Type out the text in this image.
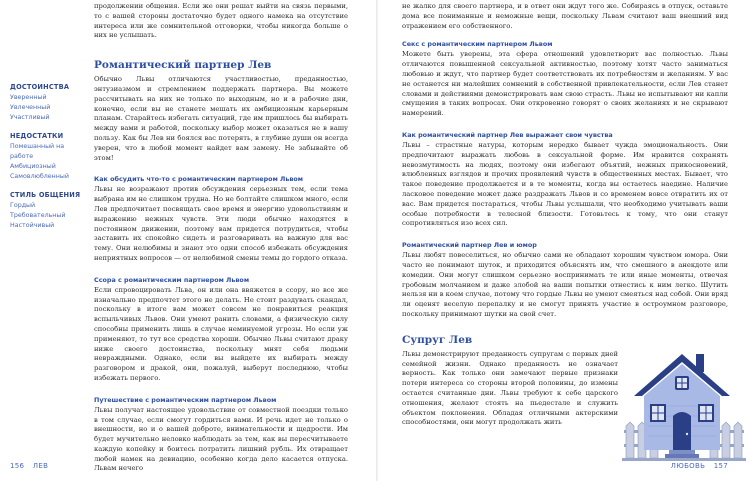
ДОСТОИНСТВА
Уверенный
Увлеченный
Участливый
НЕДОСТАТКИ
Помешанный на
работе
Амбициозный
Самовлюбленный
СТИЛЬ ОБЩЕНИЯ
Гордый
Требовательный
Настойчивый

продолжении общения. Если же они решат выйти на связь первыми, то с вашей стороны достаточно будет одного намека на отсутствие интереса или же сомнительной отговорки, чтобы никогда больше о них не услышать.

Романтический партнер Лев

Обычно Львы отличаются участливостью, преданностью, энтузиазмом и стремлением поддержать партнера. Вы можете рассчитывать на них не только по выходным, но и в рабочие дни, конечно, если вы не станете мешать их амбициозным карьерным планам. Старайтесь избегать ситуаций, где им пришлось бы выбирать между вами и работой, поскольку выбор может оказаться не в вашу пользу. Как бы Лев ни боялся вас потерять, в глубине души он всегда уверен, что в любой момент найдет вам замену. Не забывайте об этом!

Как обсудить что-то с романтическим партнером Львом

Львы не возражают против обсуждения серьезных тем, если тема выбрана им не слишком трудна. Но не болтайте слишком много, если Лев предпочитает посвящать свое время и энергию удовольствиям и выражению нежных чувств. Эти люди обычно находятся в постоянном движении, поэтому вам придется потрудиться, чтобы заставить их спокойно сидеть и разговаривать на важную для вас тему. Они нелюбимы и знают это одни способ избежать обсуждения неприятных вопросов — от нелюбимой смены темы до гордого отказа.

Ссора с романтическим партнером Львом

Если спровоцировать Льва, он или она ввяжется в ссору, но все же изначально предпочтет этого не делать. Не стоит раздувать скандал, поскольку в итоге вам может совсем не понравиться реакция вспыльчивых Львов. Они умеют ранить словами, а физическую силу способны применить лишь в случае неминуемой угрозы. Но если уж применяют, то тут все средства хороши. Обычно Львы считают драку ниже своего достоинства, поскольку мнят себя людьми невраждными. Однако, если вы выйдете их выбирать между разговором и дракой, они, пожалуй, выберут последнюю, чтобы избежать первого.

Путешествие с романтическим партнером Львом

Львы получат настоящее удовольствие от совместной поездки только в том случае, если смогут гордиться вами. И речь идет не только о внешности, но и о вашей доброте, внимательности и щедрости. Им будет мучительно неловко наблюдать за тем, как вы пересчитываете каждую копейку и боитесь потратить лишний рубль. Их отвращает любой намек на девиацию, особенно когда дело касается отпуска. Львам нечего

не жалко для своего партнера, и в ответ они ждут того же. Собираясь в отпуск, оставьте дома все пониманные и неможные вещи, поскольку Львам считают ваш внешний вид отражением его собственного.

Секс с романтическим партнером Львом

Можете быть уверены, эта сфера отношений удовлетворит вас полностью. Львы отличаются повышенной сексуальной активностью, поэтому хотят часто заниматься любовью и ждут, что партнер будет соответствовать их потребностям и желаниям. У вас не останется ни малейших сомнений в собственной привлекательности, если Лев станет словами и действиями демонстрировать вам свою страсть. Львы не испытывают ни капли смущения в таких вопросах. Они откровенно говорят о своих желаниях и не скрывают намерений.

Как романтический партнер Лев выражает свои чувства

Львы – страстные натуры, которым нередко бывает чужда эмоциональность. Они предпочитают выражать любовь в сексуальной форме. Им нравится сохранять невозмутимость на людях, поэтому они избегают объятий, нежных прикосновений, влюбленных взглядов и прочих проявлений чувств в общественных местах. Бывает, что такое поведение продолжается и в те моменты, когда вы остаетесь наедине. Наличие ласковое поведение может даже раздражать Львов и со временем вовсе отвратить их от вас. Вам придется постараться, чтобы Львы услышали, что необходимо учитывать ваши особые потребности в телесной близости. Готовьтесь к тому, что они станут сопротивляться изо всех сил.

Романтический партнер Лев и юмор

Львы любят повеселиться, но обычно сами не обладают хорошим чувством юмора. Они часто не понимают шуток, и приходится объяснять им, что смешного в анекдоте или комедии. Они могут слишком серьезно воспринимать те или иные моменты, отвечая гробовым молчанием и даже злобой на ваши попытки отнестись к ним легко. Шутить нельзя ни в коем случае, потому что гордые Львы не умеют смеяться над собой. Они вряд ли оценят веселую перепалку и не смогут принять участие в остроумном разговоре, поскольку принимают шутки на свой счет.

Супруг Лев

Львы демонстрируют преданность супругам с первых дней семейной жизни. Однако преданность не означает верность. Как только они замечают первые признаки потери интереса со стороны второй половины, до измены остается считанные дни. Львы требуют к себе царского отношения, желают стоять на пьедестале и служить объектом поклонения. Обладая отличными актерскими способностями, они могут продолжать жить

156 ЛЕВ	ЛЮБОВЬ 157
